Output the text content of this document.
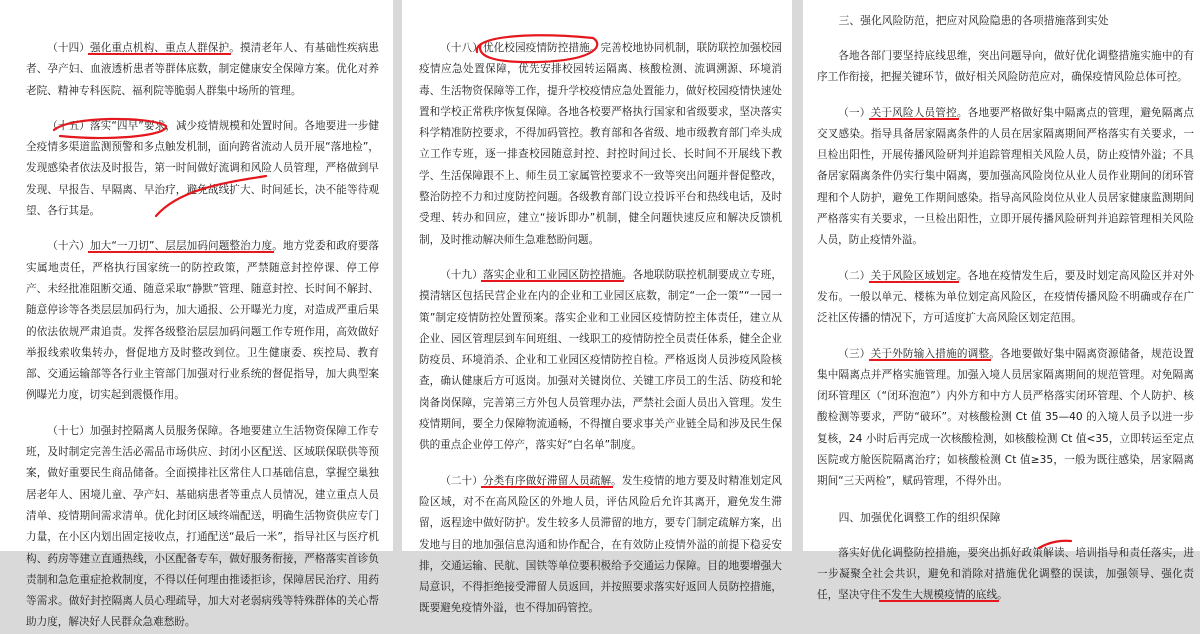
（十四）强化重点机构、重点人群保护
。摸清老年人、有基础性疾病患者、孕产妇、血液透析患者等群体底数，制定健康安全保障方案。优化对养老院、精神专科医院、福利院等脆弱人群集中场所的管理。

（十五）落实“四早”要求
，减少疫情规模和处置时间。各地要进一步健全疫情多渠道监测预警和多点触发机制，面向跨省流动人员开展“落地检”，发现感染者依法及时报告，第一时间做好流调和风险人员管理，严格做到早发现、早报告、早隔离、早治疗，避免战线扩大、时间延长，决不能等待观望、各行其是。

（十六）加大“一刀切”、层层加码问题整治力度
。地方党委和政府要落实属地责任，严格执行国家统一的防控政策，严禁随意封控停课、停工停产、未经批准阻断交通、随意采取“静默”管理、随意封控、长时间不解封、随意停诊等各类层层加码行为，加大通报、公开曝光力度，对造成严重后果的依法依规严肃追责。发挥各级整治层层加码问题工作专班作用，高效做好举报线索收集转办，督促地方及时整改到位。卫生健康委、疾控局、教育部、交通运输部等各行业主管部门加强对行业系统的督促指导，加大典型案例曝光力度，切实起到震慑作用。

（十七）加强封控隔离人员服务保障。各地要建立生活物资保障工作专班，及时制定完善生活必需品市场供应、封闭小区配送、区域联保联供等预案，做好重要民生商品储备。全面摸排社区常住人口基础信息，掌握空巢独居老年人、困境儿童、孕产妇、基础病患者等重点人员情况，建立重点人员清单、疫情期间需求清单。优化封闭区域终端配送，明确生活物资供应专门力量，在小区内划出固定接收点，打通配送“最后一米”，指导社区与医疗机构、药房等建立直通热线，小区配备专车，做好服务衔接，严格落实首诊负责制和急危重症抢救制度，不得以任何理由推诿拒诊，保障居民治疗、用药等需求。做好封控隔离人员心理疏导，加大对老弱病残等特殊群体的关心帮助力度，解决好人民群众急难愁盼。

（十八）优化校园疫情防控措施
。完善校地协同机制，联防联控加强校园疫情应急处置保障，优先安排校园转运隔离、核酸检测、流调溯源、环境消毒、生活物资保障等工作，提升学校疫情应急处置能力，做好校园疫情快速处置和学校正常秩序恢复保障。各地各校要严格执行国家和省级要求，坚决落实科学精准防控要求，不得加码管控。教育部和各省级、地市级教育部门牵头成立工作专班，逐一排查校园随意封控、封控时间过长、长时间不开展线下教学、生活保障跟不上、师生员工家属管控要求不一致等突出问题并督促整改，整治防控不力和过度防控问题。各级教育部门设立投诉平台和热线电话，及时受理、转办和回应，建立“接诉即办”机制，健全问题快速反应和解决反馈机制，及时推动解决师生急难愁盼问题。

（十九）落实企业和工业园区防控措施
。各地联防联控机制要成立专班，摸清辖区包括民营企业在内的企业和工业园区底数，制定“一企一策”“一园一策”制定疫情防控处置预案。落实企业和工业园区疫情防控主体责任，建立从企业、园区管理层到车间班组、一线职工的疫情防控全员责任体系，健全企业防疫员、环境消杀、企业和工业园区疫情防控自检。严格返岗人员涉疫风险核查，确认健康后方可返岗。加强对关键岗位、关键工序员工的生活、防疫和轮岗备岗保障，完善第三方外包人员管理办法，严禁社会面人员出入管理。发生疫情期间，要全力保障物流通畅，不得擅自要求事关产业链全局和涉及民生保供的重点企业停工停产，落实好“白名单”制度。

（二十）分类有序做好滞留人员疏解
。发生疫情的地方要及时精准划定风险区域，对不在高风险区的外地人员，评估风险后允许其离开，避免发生滞留，返程途中做好防护。发生较多人员滞留的地方，要专门制定疏解方案，出发地与目的地加强信息沟通和协作配合，在有效防止疫情外溢的前提下稳妥安排，交通运输、民航、国铁等单位要积极给予交通运力保障。目的地要增强大局意识，不得拒绝接受滞留人员返回，并按照要求落实好返回人员防控措施，既要避免疫情外溢，也不得加码管控。

三、强化风险防范，把应对风险隐患的各项措施落到实处

各地各部门要坚持底线思维，突出问题导向，做好优化调整措施实施中的有序工作衔接，把握关键环节，做好相关风险防范应对，确保疫情风险总体可控。

（一）关于风险人员管控
。各地要严格做好集中隔离点的管理，避免隔离点交叉感染。指导具备居家隔离条件的人员在居家隔离期间严格落实有关要求，一旦检出阳性，开展传播风险研判并追踪管理相关风险人员，防止疫情外溢；不具备居家隔离条件仍实行集中隔离，要加强高风险岗位从业人员作业期间的闭环管理和个人防护，避免工作期间感染。指导高风险岗位从业人员居家健康监测期间严格落实有关要求，一旦检出阳性，立即开展传播风险研判并追踪管理相关风险人员，防止疫情外溢。

（二）关于风险区域划定
。各地在疫情发生后，要及时划定高风险区并对外发布。一般以单元、楼栋为单位划定高风险区，在疫情传播风险不明确或存在广泛社区传播的情况下，方可适度扩大高风险区划定范围。

（三）关于外防输入措施的调整
。各地要做好集中隔离资源储备，规范设置集中隔离点并严格实施管理。加强入境人员居家隔离期间的规范管理。对免隔离闭环管理区（“闭环泡泡”）内外方和中方人员严格落实闭环管理、个人防护、核酸检测等要求，严防“破环”。对核酸检测 Ct 值 35—40 的入境人员予以进一步复核，24 小时后再完成一次核酸检测，如核酸检测 Ct 值<35，立即转运至定点医院或方舱医院隔离治疗；如核酸检测 Ct 值≥35，一般为既往感染，居家隔离期间“三天两检”，赋码管理，不得外出。

四、加强优化调整工作的组织保障

落实好优化调整防控措施，要突出抓好政策解读、培训指导和责任落实，进一步凝聚全社会共识，避免和消除对措施优化调整的误读，加强领导、强化责任，坚决守住不发生大规模疫情的底线
。
